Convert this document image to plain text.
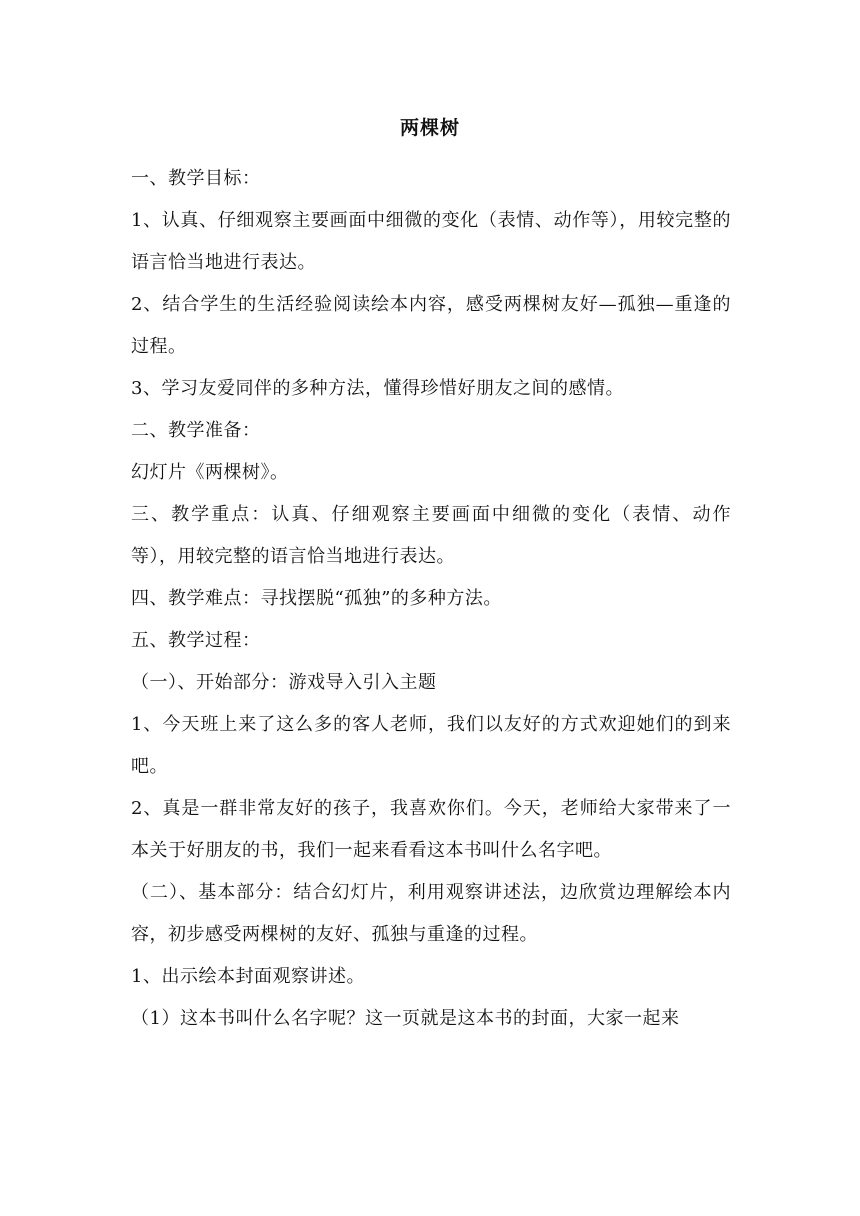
两棵树

一、教学目标：

1、认真、仔细观察主要画面中细微的变化（表情、动作等），用较完整的语言恰当地进行表达。

2、结合学生的生活经验阅读绘本内容，感受两棵树友好—孤独—重逢的过程。

3、学习友爱同伴的多种方法，懂得珍惜好朋友之间的感情。

二、教学准备：

幻灯片《两棵树》。

三、教学重点：认真、仔细观察主要画面中细微的变化（表情、动作等），用较完整的语言恰当地进行表达。

四、教学难点：寻找摆脱“孤独”的多种方法。

五、教学过程：

（一）、开始部分：游戏导入引入主题

1、今天班上来了这么多的客人老师，我们以友好的方式欢迎她们的到来吧。

2、真是一群非常友好的孩子，我喜欢你们。今天，老师给大家带来了一本关于好朋友的书，我们一起来看看这本书叫什么名字吧。

（二）、基本部分：结合幻灯片，利用观察讲述法，边欣赏边理解绘本内容，初步感受两棵树的友好、孤独与重逢的过程。

1、出示绘本封面观察讲述。

（1）这本书叫什么名字呢？这一页就是这本书的封面，大家一起来
